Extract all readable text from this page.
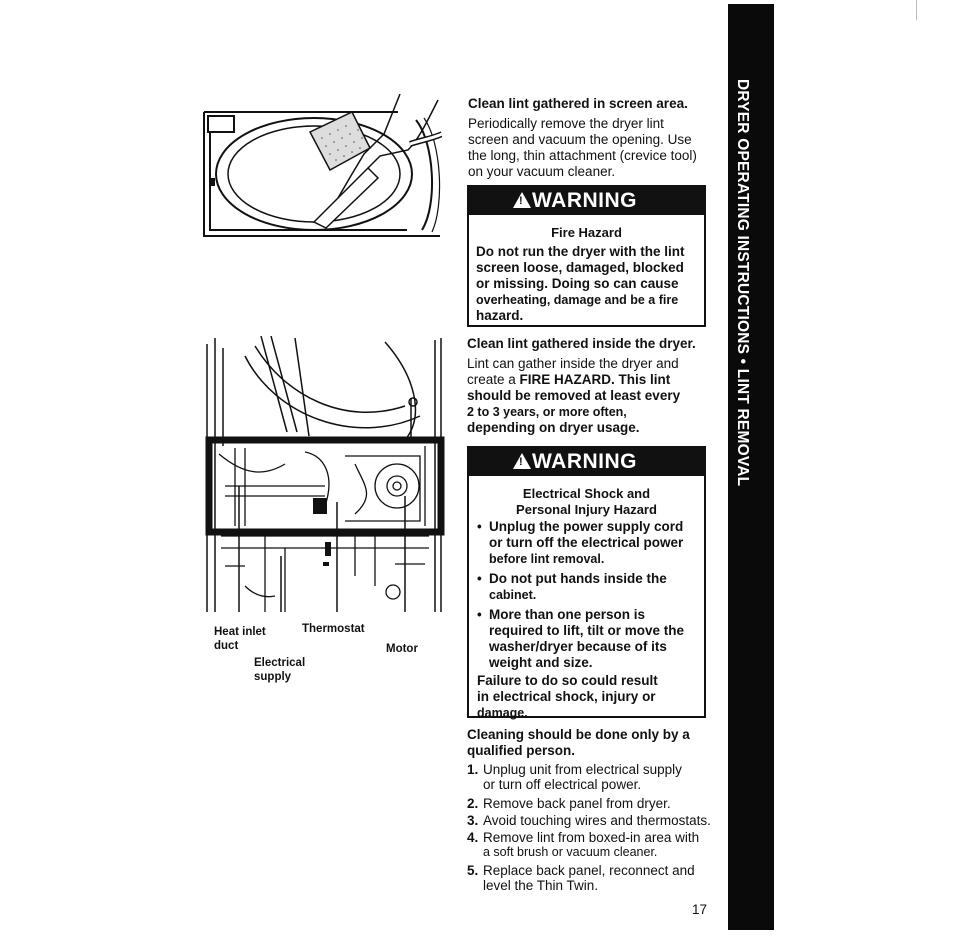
DRYER OPERATING INSTRUCTIONS • LINT REMOVAL
Heat inlet
duct
Thermostat
Motor
Electrical
supply
Clean lint gathered in screen area.
Periodically remove the dryer lint
screen and vacuum the opening. Use
the long, thin attachment (crevice tool)
on your vacuum cleaner.
!WARNING
Fire Hazard
Do not run the dryer with the lint
screen loose, damaged, blocked
or missing. Doing so can cause
overheating, damage and be a fire
hazard.
Clean lint gathered inside the dryer.
Lint can gather inside the dryer and
create a FIRE HAZARD. This lint
should be removed at least every
2 to 3 years, or more often,
depending on dryer usage.
!WARNING
Electrical Shock and
Personal Injury Hazard
• Unplug the power supply cord
or turn off the electrical power
before lint removal.
• Do not put hands inside the
cabinet.
• More than one person is
required to lift, tilt or move the
washer/dryer because of its
weight and size.
Failure to do so could result
in electrical shock, injury or
damage.
Cleaning should be done only by a
qualified person.
1. Unplug unit from electrical supply
or turn off electrical power.
2. Remove back panel from dryer.
3. Avoid touching wires and thermostats.
4. Remove lint from boxed-in area with
a soft brush or vacuum cleaner.
5. Replace back panel, reconnect and
level the Thin Twin.
17
